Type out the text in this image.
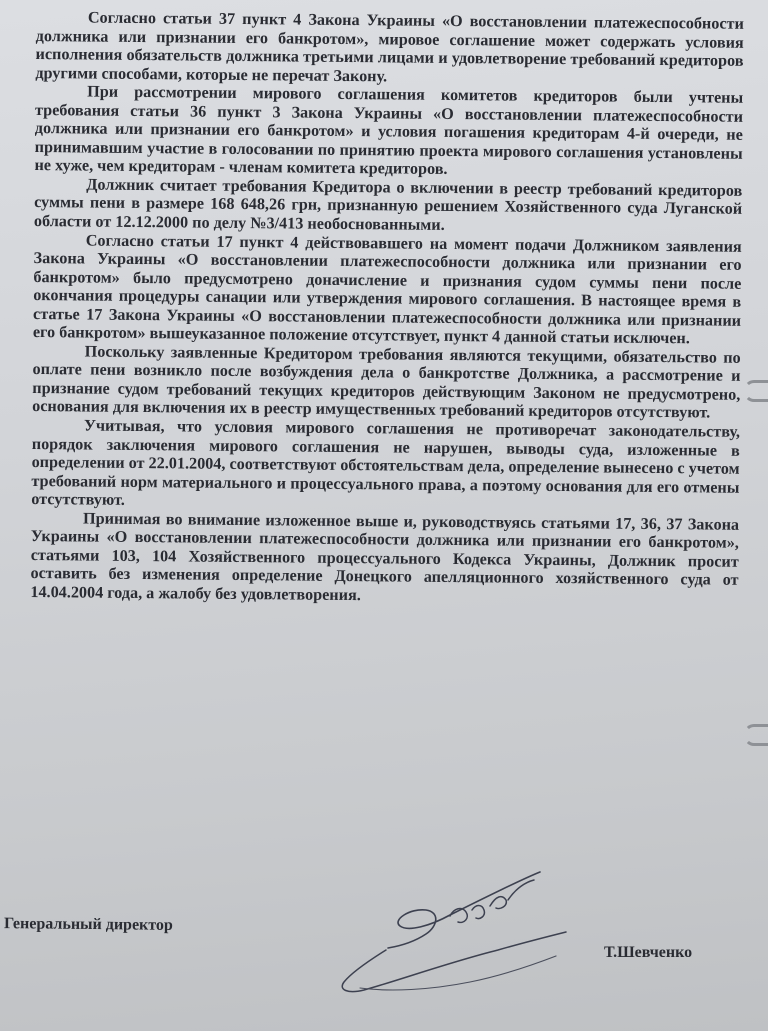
Согласно статьи 37 пункт 4 Закона Украины «О восстановлении платежеспособности должника или признании его банкротом», мировое соглашение может содержать условия исполнения обязательств должника третьими лицами и удовлетворение требований кредиторов другими способами, которые не перечат Закону.

При рассмотрении мирового соглашения комитетов кредиторов были учтены требования статьи 36 пункт 3 Закона Украины «О восстановлении платежеспособности должника или признании его банкротом» и условия погашения кредиторам 4-й очереди, не принимавшим участие в голосовании по принятию проекта мирового соглашения установлены не хуже, чем кредиторам - членам комитета кредиторов.

Должник считает требования Кредитора о включении в реестр требований кредиторов суммы пени в размере 168 648,26 грн, признанную решением Хозяйственного суда Луганской области от 12.12.2000 по делу №3/413 необоснованными.

Согласно статьи 17 пункт 4 действовавшего на момент подачи Должником заявления Закона Украины «О восстановлении платежеспособности должника или признании его банкротом» было предусмотрено доначисление и признания судом суммы пени после окончания процедуры санации или утверждения мирового соглашения. В настоящее время в статье 17 Закона Украины «О восстановлении платежеспособности должника или признании его банкротом» вышеуказанное положение отсутствует, пункт 4 данной статьи исключен.

Поскольку заявленные Кредитором требования являются текущими, обязательство по оплате пени возникло после возбуждения дела о банкротстве Должника, а рассмотрение и признание судом требований текущих кредиторов действующим Законом не предусмотрено, основания для включения их в реестр имущественных требований кредиторов отсутствуют.

Учитывая, что условия мирового соглашения не противоречат законодательству, порядок заключения мирового соглашения не нарушен, выводы суда, изложенные в определении от 22.01.2004, соответствуют обстоятельствам дела, определение вынесено с учетом требований норм материального и процессуального права, а поэтому основания для его отмены отсутствуют.

Принимая во внимание изложенное выше и, руководствуясь статьями 17, 36, 37 Закона Украины «О восстановлении платежеспособности должника или признании его банкротом», статьями 103, 104 Хозяйственного процессуального Кодекса Украины, Должник просит оставить без изменения определение Донецкого апелляционного хозяйственного суда от 14.04.2004 года, а жалобу без удовлетворения.

Генеральный директор
Т.Шевченко
